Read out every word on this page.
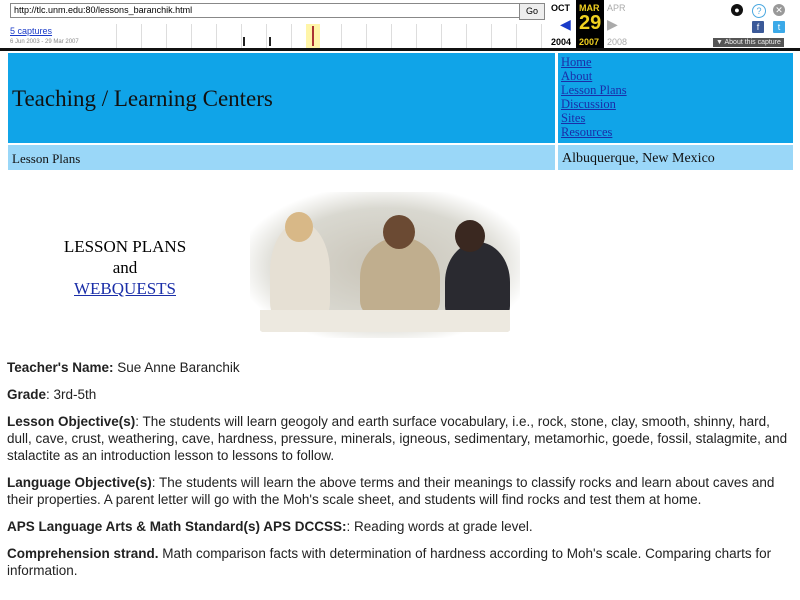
http://tlc.unm.edu:80/lessons_baranchik.html	Go
5 captures
6 Jun 2003 - 29 Mar 2007
OCT MAR APR
◀ 29 ▶
2004 2007 2008
●	?	✕
f	t
▼ About this capture
Teaching / Learning Centers
Home
About
Lesson Plans
Discussion
Sites
Resources
Lesson Plans	Albuquerque, New Mexico
LESSON PLANS
and
WEBQUESTS

Teacher's Name: Sue Anne Baranchik

Grade: 3rd-5th

Lesson Objective(s): The students will learn geogoly and earth surface vocabulary, i.e., rock, stone, clay, smooth, shinny, hard, dull, cave, crust, weathering, cave, hardness, pressure, minerals, igneous, sedimentary, metamorhic, goede, fossil, stalagmite, and stalactite as an introduction lesson to lessons to follow.

Language Objective(s): The students will learn the above terms and their meanings to classify rocks and learn about caves and their properties. A parent letter will go with the Moh's scale sheet, and students will find rocks and test them at home.

APS Language Arts & Math Standard(s) APS DCCSS:: Reading words at grade level.

Comprehension strand. Math comparison facts with determination of hardness according to Moh's scale. Comparing charts for information.
